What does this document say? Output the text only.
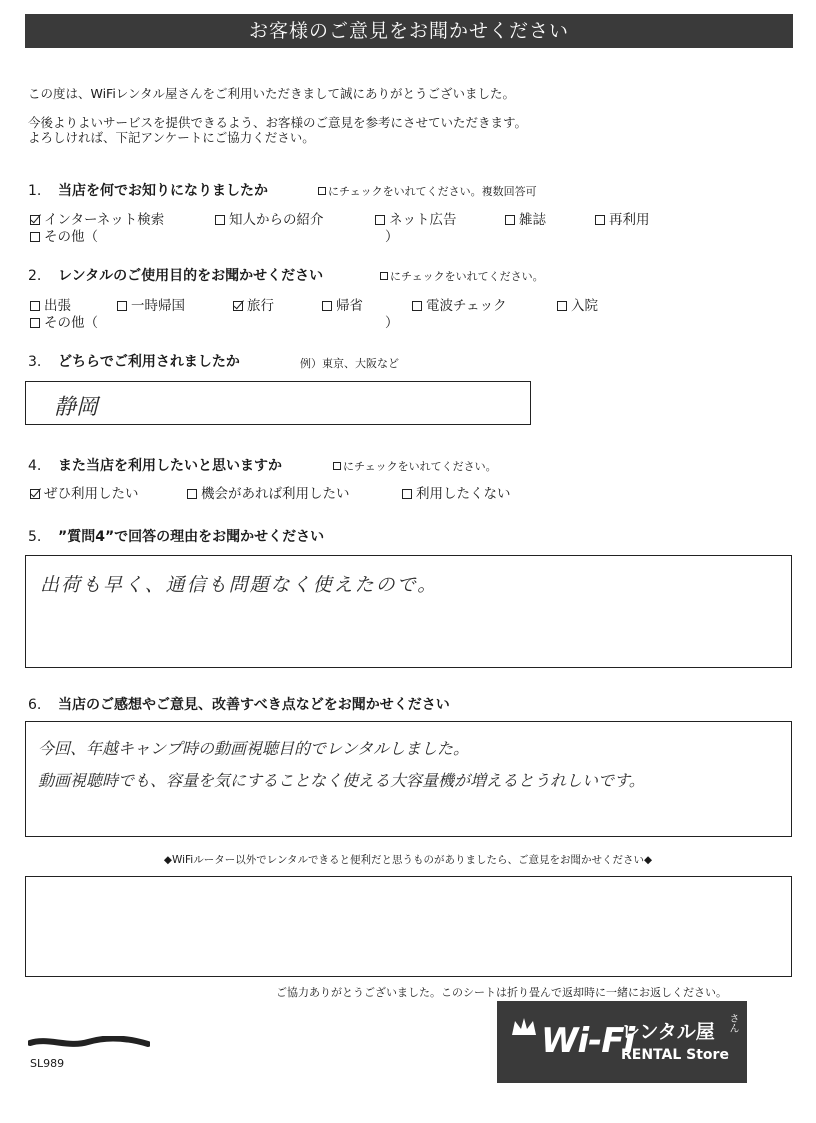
お客様のご意見をお聞かせください
この度は、WiFiレンタル屋さんをご利用いただきまして誠にありがとうございました。
今後よりよいサービスを提供できるよう、お客様のご意見を参考にさせていただきます。
よろしければ、下記アンケートにご協力ください。
1. 当店を何でお知りになりましたか	にチェックをいれてください。複数回答可
インターネット検索	知人からの紹介	ネット広告	雑誌	再利用
その他（	）
2. レンタルのご使用目的をお聞かせください	にチェックをいれてください。
出張	一時帰国	旅行	帰省	電波チェック	入院
その他（	）
3. どちらでご利用されましたか	例）東京、大阪など
静岡
4. また当店を利用したいと思いますか	にチェックをいれてください。
ぜひ利用したい	機会があれば利用したい	利用したくない
5. ”質問4”で回答の理由をお聞かせください
出荷も早く、通信も問題なく使えたので。
6. 当店のご感想やご意見、改善すべき点などをお聞かせください
今回、年越キャンプ時の動画視聴目的でレンタルしました。
動画視聴時でも、容量を気にすることなく使える大容量機が増えるとうれしいです。
◆WiFiルーター以外でレンタルできると便利だと思うものがありましたら、ご意見をお聞かせください◆
ご協力ありがとうございました。このシートは折り畳んで返却時に一緒にお返しください。
SL989
Wi-Fi
レンタル屋 さん
RENTAL Store
